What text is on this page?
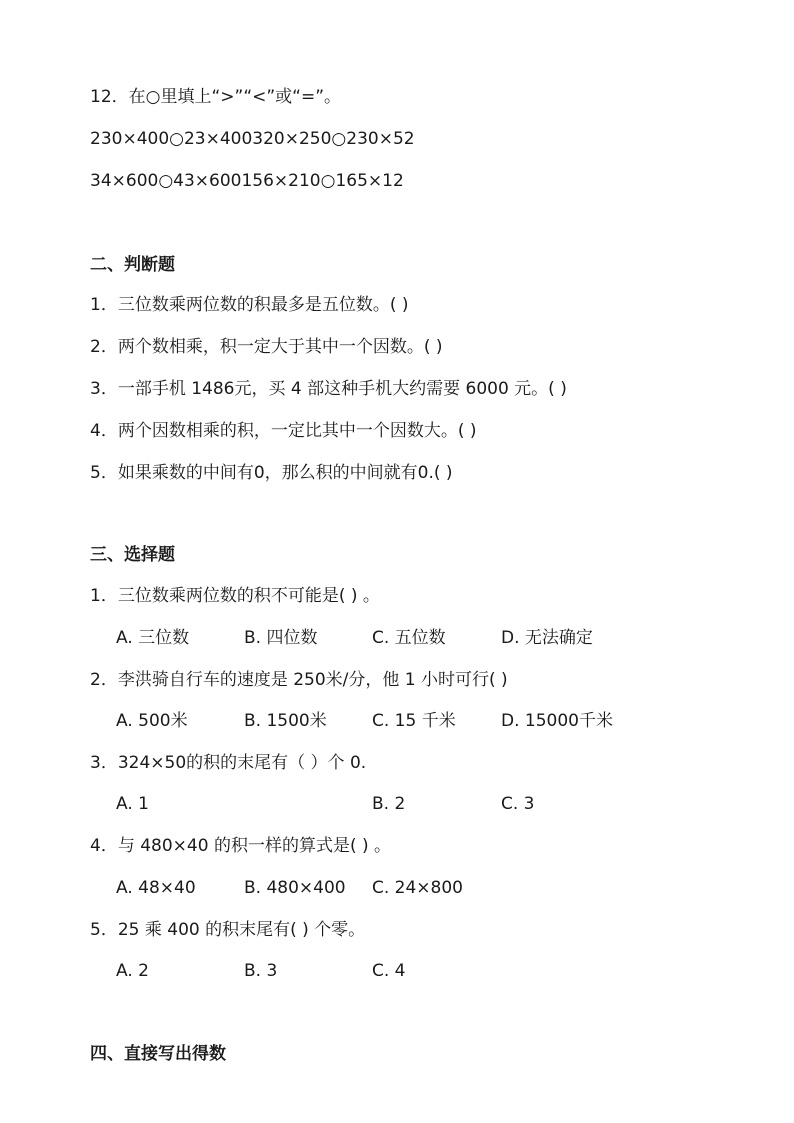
12．在○里填上“>”“<”或“=”。
230×400○23×400320×250○230×52
34×600○43×600156×210○165×12
二、判断题
1．三位数乘两位数的积最多是五位数。( )
2．两个数相乘，积一定大于其中一个因数。( )
3．一部手机 1486元，买 4 部这种手机大约需要 6000 元。( )
4．两个因数相乘的积，一定比其中一个因数大。( )
5．如果乘数的中间有0，那么积的中间就有0.( )
三、选择题
1．三位数乘两位数的积不可能是( ) 。
A. 三位数	B. 四位数	C. 五位数	D. 无法确定
2．李洪骑自行车的速度是 250米/分，他 1 小时可行( )
A. 500米	B. 1500米	C. 15 千米	D. 15000千米
3．324×50的积的末尾有（ ）个 0.
A. 1	B. 2	C. 3
4．与 480×40 的积一样的算式是( ) 。
A. 48×40	B. 480×400 C. 24×800
5．25 乘 400 的积末尾有( ) 个零。
A. 2	B. 3	C. 4
四、直接写出得数
